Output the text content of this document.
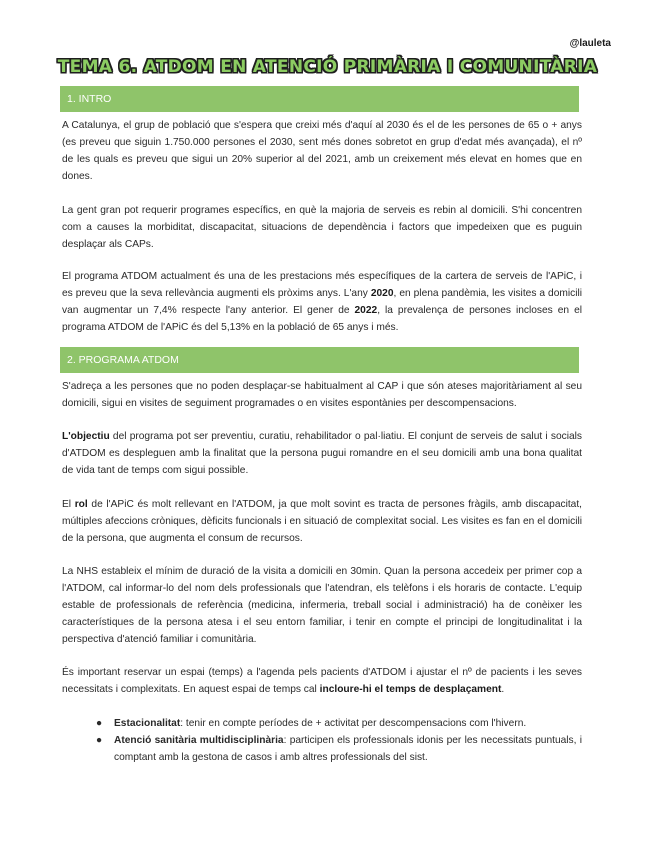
@lauleta
TEMA 6. ATDOM EN ATENCIÓ PRIMÀRIA I COMUNITÀRIA
1. INTRO

A Catalunya, el grup de població que s'espera que creixi més d'aquí al 2030 és el de les persones de 65 o + anys (es preveu que siguin 1.750.000 persones el 2030, sent més dones sobretot en grup d'edat més avançada), el nº de les quals es preveu que sigui un 20% superior al del 2021, amb un creixement més elevat en homes que en dones.

La gent gran pot requerir programes específics, en què la majoria de serveis es rebin al domicili. S'hi concentren com a causes la morbiditat, discapacitat, situacions de dependència i factors que impedeixen que es puguin desplaçar als CAPs.

El programa ATDOM actualment és una de les prestacions més específiques de la cartera de serveis de l'APiC, i es preveu que la seva rellevància augmenti els pròxims anys. L'any 2020, en plena pandèmia, les visites a domicili van augmentar un 7,4% respecte l'any anterior. El gener de 2022, la prevalença de persones incloses en el programa ATDOM de l'APiC és del 5,13% en la població de 65 anys i més.

2. PROGRAMA ATDOM

S'adreça a les persones que no poden desplaçar-se habitualment al CAP i que són ateses majoritàriament al seu domicili, sigui en visites de seguiment programades o en visites espontànies per descompensacions.

L'objectiu del programa pot ser preventiu, curatiu, rehabilitador o pal·liatiu. El conjunt de serveis de salut i socials d'ATDOM es despleguen amb la finalitat que la persona pugui romandre en el seu domicili amb una bona qualitat de vida tant de temps com sigui possible.

El rol de l'APiC és molt rellevant en l'ATDOM, ja que molt sovint es tracta de persones fràgils, amb discapacitat, múltiples afeccions cròniques, dèficits funcionals i en situació de complexitat social. Les visites es fan en el domicili de la persona, que augmenta el consum de recursos.

La NHS estableix el mínim de duració de la visita a domicili en 30min. Quan la persona accedeix per primer cop a l'ATDOM, cal informar-lo del nom dels professionals que l'atendran, els telèfons i els horaris de contacte. L'equip estable de professionals de referència (medicina, infermeria, treball social i administració) ha de conèixer les característiques de la persona atesa i el seu entorn familiar, i tenir en compte el principi de longitudinalitat i la perspectiva d'atenció familiar i comunitària.

És important reservar un espai (temps) a l'agenda pels pacients d'ATDOM i ajustar el nº de pacients i les seves necessitats i complexitats. En aquest espai de temps cal incloure-hi el temps de desplaçament.

● Estacionalitat: tenir en compte períodes de + activitat per descompensacions com l'hivern.
● Atenció sanitària multidisciplinària: participen els professionals idonis per les necessitats puntuals, i comptant amb la gestona de casos i amb altres professionals del sist.
